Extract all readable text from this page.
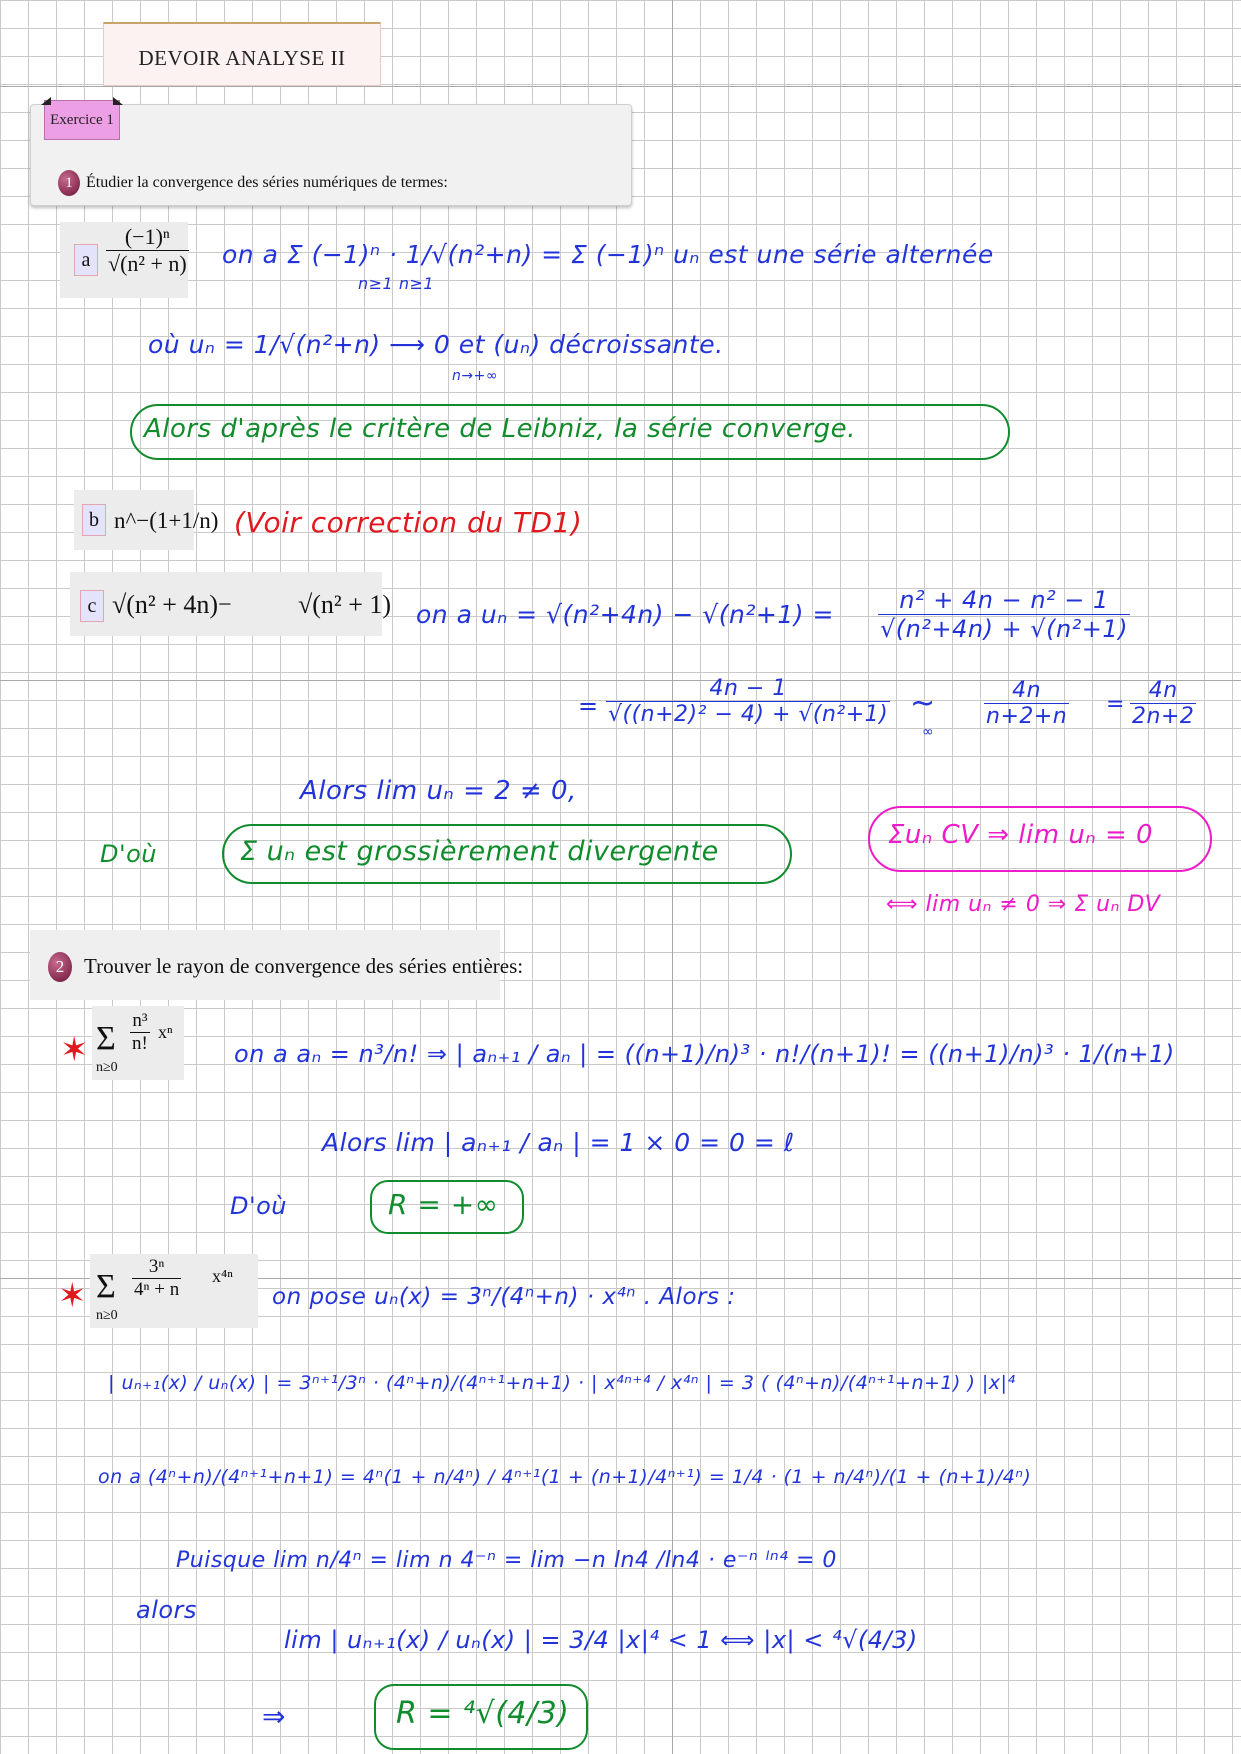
DEVOIR ANALYSE II
Exercice 1
1 Étudier la convergence des séries numériques de termes:
a $\frac{\text{(−1)ⁿ}}{\text{√(n² + n)}}$ on a Σ (−1)ⁿ · 1/√(n²+n) = Σ (−1)ⁿ uₙ est une série alternée
n≥1 n≥1
où uₙ = 1/√(n²+n) ⟶ 0 et (uₙ) décroissante.
n→+∞
Alors d'après le critère de Leibniz, la série converge.
b n^−(1+1/n) (Voir correction du TD1)
c √(n² + 4n) −	√(n² + 1) on a $u_n = √(n^2+4n) - √(n^2+1) = \frac{\text{n² + 4n − n² − 1}}{\text{√(n²+4n) + √(n²+1)}}$
= $\frac{4n - 1}{\text{√((n+2)² − 4) + √(n²+1)}}$ ~
∞
$\frac{4n}{n+2+n} = \frac{4n}{2n+2}$
Alors lim uₙ = 2 ≠ 0,
D'où	Σ uₙ est grossièrement divergente
Σuₙ CV ⇒ lim uₙ = 0
⟺ lim uₙ ≠ 0 ⇒ Σ uₙ DV
2 Trouver le rayon de convergence des séries entières:
✶ Σ
n≥0
$\frac{\text{n³}}{n!}$ xⁿ
on a aₙ = n³/n! ⇒ | aₙ₊₁ / aₙ | = ((n+1)/n)³ · n!/(n+1)! = ((n+1)/n)³ · 1/(n+1)
Alors lim | aₙ₊₁ / aₙ | = 1 × 0 = 0 = ℓ
D'où	R = +∞
✶ Σ
n≥0
$\frac{\text{3ⁿ}}{\text{4ⁿ + n}} x^{4n}$
on pose uₙ(x) = 3ⁿ/(4ⁿ+n) · x⁴ⁿ . Alors :
| uₙ₊₁(x) / uₙ(x) | = 3ⁿ⁺¹/3ⁿ · (4ⁿ+n)/(4ⁿ⁺¹+n+1) · | x⁴ⁿ⁺⁴ / x⁴ⁿ | = 3 ( (4ⁿ+n)/(4ⁿ⁺¹+n+1) ) |x|⁴
on a (4ⁿ+n)/(4ⁿ⁺¹+n+1) = 4ⁿ(1 + n/4ⁿ) / 4ⁿ⁺¹(1 + (n+1)/4ⁿ⁺¹) = 1/4 · (1 + n/4ⁿ)/(1 + (n+1)/4ⁿ)
Puisque lim n/4ⁿ = lim n 4⁻ⁿ = lim −n ln4 /ln4 · e⁻ⁿ ˡⁿ⁴ = 0
alors
lim | uₙ₊₁(x) / uₙ(x) | = 3/4 |x|⁴ < 1 ⟺ |x| < ⁴√(4/3)
⇒	R = ⁴√(4/3)
